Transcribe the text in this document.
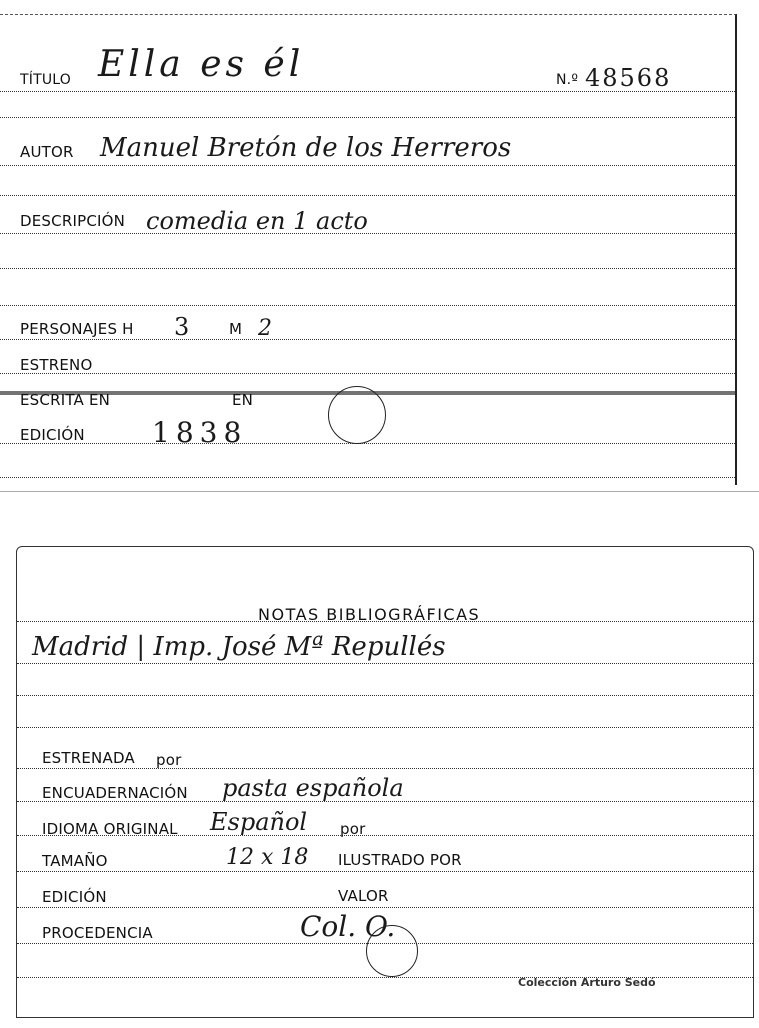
TÍTULO Ella es él	N.º 48568
AUTOR Manuel Bretón de los Herreros
DESCRIPCIÓN comedia en 1 acto
PERSONAJES H 3	M 2
ESTRENO
ESCRITA EN	EN
EDICIÓN 1838
NOTAS BIBLIOGRÁFICAS
Madrid | Imp. José Mª Repullés
ESTRENADA por
ENCUADERNACIÓN pasta española
IDIOMA ORIGINAL Español por
TAMAÑO	12 x 18 ILUSTRADO POR
EDICIÓN	VALOR
PROCEDENCIA	Col. O.
Colección Arturo Sedó
